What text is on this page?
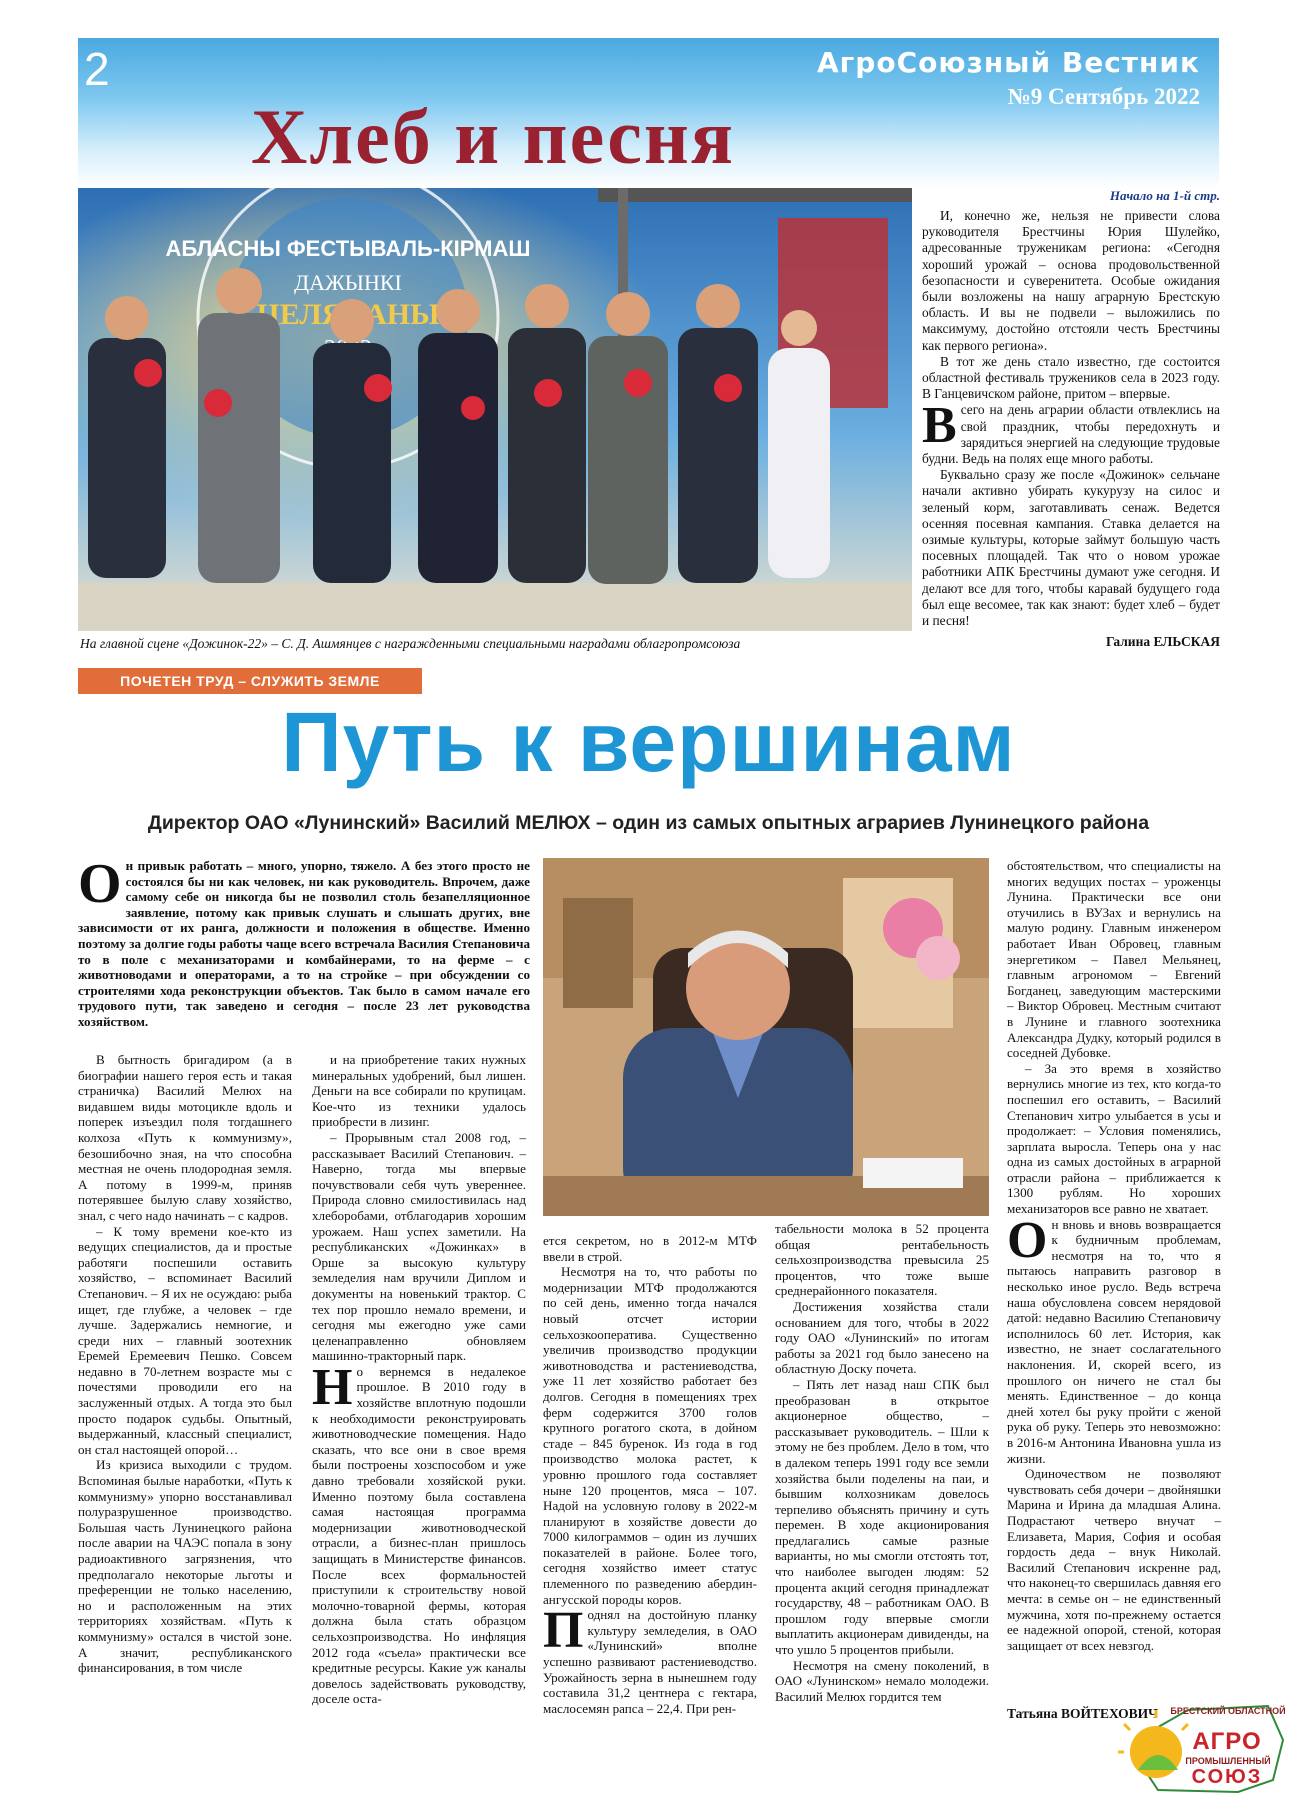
2	АгроСоюзный Вестник
№9 Сентябрь 2022
Хлеб и песня
АБЛАСНЫ ФЕСТЫВАЛЬ-КІРМАШ
ДАЖЫНКІ
На главной сцене «Дожинок-22» – С. Д. Ашмянцев с награжденными специальными наградами облагропромсоюза
Начало на 1-й стр.

И, конечно же, нельзя не привести слова руководителя Брестчины Юрия Шулейко, адресованные труженикам региона: «Сегодня хороший урожай – основа продовольственной безопасности и суверенитета. Особые ожидания были возложены на нашу аграрную Брестскую область. И вы не подвели – выложились по максимуму, достойно отстояли честь Брестчины как первого региона».

В тот же день стало известно, где состоится областной фестиваль тружеников села в 2023 году. В Ганцевичском районе, притом – впервые.

Всего на день аграрии области отвлеклись на свой праздник, чтобы передохнуть и зарядиться энергией на следующие трудовые будни. Ведь на полях еще много работы.

Буквально сразу же после «Дожинок» сельчане начали активно убирать кукурузу на силос и зеленый корм, заготавливать сенаж. Ведется осенняя посевная кампания. Ставка делается на озимые культуры, которые займут большую часть посевных площадей. Так что о новом урожае работники АПК Брестчины думают уже сегодня. И делают все для того, чтобы каравай будущего года был еще весомее, так как знают: будет хлеб – будет и песня!

Галина ЕЛЬСКАЯ
ПОЧЕТЕН ТРУД – СЛУЖИТЬ ЗЕМЛЕ
Путь к вершинам
Директор ОАО «Лунинский» Василий МЕЛЮХ – один из самых опытных аграриев Лунинецкого района
Он привык работать – много, упорно, тяжело. А без этого просто не состоялся бы ни как человек, ни как руководитель. Впрочем, даже самому себе он никогда бы не позволил столь безапелляционное заявление, потому как привык слушать и слышать других, вне зависимости от их ранга, должности и положения в обществе. Именно поэтому за долгие годы работы чаще всего встречала Василия Степановича то в поле с механизаторами и комбайнерами, то на ферме – с животноводами и операторами, а то на стройке – при обсуждении со строителями хода реконструкции объектов. Так было в самом начале его трудового пути, так заведено и сегодня – после 23 лет руководства хозяйством.

В бытность бригадиром (а в биографии нашего героя есть и такая страничка) Василий Мелюх на видавшем виды мотоцикле вдоль и поперек изъездил поля тогдашнего колхоза «Путь к коммунизму», безошибочно зная, на что способна местная не очень плодородная земля. А потому в 1999-м, приняв потерявшее былую славу хозяйство, знал, с чего надо начинать – с кадров.

– К тому времени кое-кто из ведущих специалистов, да и простые работяги поспешили оставить хозяйство, – вспоминает Василий Степанович. – Я их не осуждаю: рыба ищет, где глубже, а человек – где лучше. Задержались немногие, и среди них – главный зоотехник Еремей Еремеевич Пешко. Совсем недавно в 70-летнем возрасте мы с почестями проводили его на заслуженный отдых. А тогда это был просто подарок судьбы. Опытный, выдержанный, классный специалист, он стал настоящей опорой…

Из кризиса выходили с трудом. Вспоминая былые наработки, «Путь к коммунизму» упорно восстанавливал полуразрушенное производство. Большая часть Лунинецкого района после аварии на ЧАЭС попала в зону радиоактивного загрязнения, что предполагало некоторые льготы и преференции не только населению, но и расположенным на этих территориях хозяйствам. «Путь к коммунизму» остался в чистой зоне. А значит, республиканского финансирования, в том числе

и на приобретение таких нужных минеральных удобрений, был лишен. Деньги на все собирали по крупицам. Кое-что из техники удалось приобрести в лизинг.

– Прорывным стал 2008 год, – рассказывает Василий Степанович. – Наверно, тогда мы впервые почувствовали себя чуть увереннее. Природа словно смилостивилась над хлеборобами, отблагодарив хорошим урожаем. Наш успех заметили. На республиканских «Дожинках» в Орше за высокую культуру земледелия нам вручили Диплом и документы на новенький трактор. С тех пор прошло немало времени, и сегодня мы ежегодно уже сами целенаправленно обновляем машинно-тракторный парк.

Но вернемся в недалекое прошлое. В 2010 году в хозяйстве вплотную подошли к необходимости реконструировать животноводческие помещения. Надо сказать, что все они в свое время были построены хозспособом и уже давно требовали хозяйской руки. Именно поэтому была составлена самая настоящая программа модернизации животноводческой отрасли, а бизнес-план пришлось защищать в Министерстве финансов. После всех формальностей приступили к строительству новой молочно-товарной фермы, которая должна была стать образцом сельхозпроизводства. Но инфляция 2012 года «съела» практически все кредитные ресурсы. Какие уж каналы довелось задействовать руководству, доселе оста-

ется секретом, но в 2012-м МТФ ввели в строй.

Несмотря на то, что работы по модернизации МТФ продолжаются по сей день, именно тогда начался новый отсчет истории сельхозкооператива. Существенно увеличив производство продукции животноводства и растениеводства, уже 11 лет хозяйство работает без долгов. Сегодня в помещениях трех ферм содержится 3700 голов крупного рогатого скота, в дойном стаде – 845 буренок. Из года в год производство молока растет, к уровню прошлого года составляет ныне 120 процентов, мяса – 107. Надой на условную голову в 2022-м планируют в хозяйстве довести до 7000 килограммов – один из лучших показателей в районе. Более того, сегодня хозяйство имеет статус племенного по разведению абердин-ангусской породы коров.

Поднял на достойную планку культуру земледелия, в ОАО «Лунинский» вполне успешно развивают растениеводство. Урожайность зерна в нынешнем году составила 31,2 центнера с гектара, маслосемян рапса – 22,4. При рен-

табельности молока в 52 процента общая рентабельность сельхозпроизводства превысила 25 процентов, что тоже выше среднерайонного показателя.

Достижения хозяйства стали основанием для того, чтобы в 2022 году ОАО «Лунинский» по итогам работы за 2021 год было занесено на областную Доску почета.

– Пять лет назад наш СПК был преобразован в открытое акционерное общество, – рассказывает руководитель. – Шли к этому не без проблем. Дело в том, что в далеком теперь 1991 году все земли хозяйства были поделены на паи, и бывшим колхозникам довелось терпеливо объяснять причину и суть перемен. В ходе акционирования предлагались самые разные варианты, но мы смогли отстоять тот, что наиболее выгоден людям: 52 процента акций сегодня принадлежат государству, 48 – работникам ОАО. В прошлом году впервые смогли выплатить акционерам дивиденды, на что ушло 5 процентов прибыли.

Несмотря на смену поколений, в ОАО «Лунинском» немало молодежи. Василий Мелюх гордится тем

обстоятельством, что специалисты на многих ведущих постах – уроженцы Лунина. Практически все они отучились в ВУЗах и вернулись на малую родину. Главным инженером работает Иван Обровец, главным энергетиком – Павел Мельянец, главным агрономом – Евгений Богданец, заведующим мастерскими – Виктор Обровец. Местным считают в Лунине и главного зоотехника Александра Дудку, который родился в соседней Дубовке.

– За это время в хозяйство вернулись многие из тех, кто когда-то поспешил его оставить, – Василий Степанович хитро улыбается в усы и продолжает: – Условия поменялись, зарплата выросла. Теперь она у нас одна из самых достойных в аграрной отрасли района – приближается к 1300 рублям. Но хороших механизаторов все равно не хватает.

Он вновь и вновь возвращается к будничным проблемам, несмотря на то, что я пытаюсь направить разговор в несколько иное русло. Ведь встреча наша обусловлена совсем нерядовой датой: недавно Василию Степановичу исполнилось 60 лет. История, как известно, не знает сослагательного наклонения. И, скорей всего, из прошлого он ничего не стал бы менять. Единственное – до конца дней хотел бы руку пройти с женой рука об руку. Теперь это невозможно: в 2016-м Антонина Ивановна ушла из жизни.

Одиночеством не позволяют чувствовать себя дочери – двойняшки Марина и Ирина да младшая Алина. Подрастают четверо внучат – Елизавета, Мария, София и особая гордость деда – внук Николай. Василий Степанович искренне рад, что наконец-то свершилась давняя его мечта: в семье он – не единственный мужчина, хотя по-прежнему остается ее надежной опорой, стеной, которая защищает от всех невзгод.

Татьяна ВОЙТЕХОВИЧ	БРЕСТСКИЙ ОБЛАСТНОЙ
АГРО
ПРОМЫШЛЕННЫЙ
СОЮЗ
